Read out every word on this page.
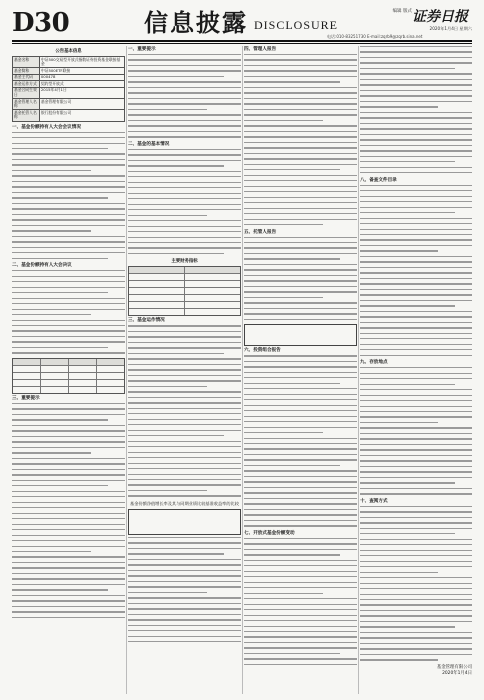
D30	信息披露 DISCLOSURE
编辑 版式 证券日报
2020年1月4日 星期六
电话:010-83251730 E-mail:zqrb9@zqrb.sina.net
公告基本信息
基金名称	中证500交易型开放式指数证券投资基金联接基金
基金简称	中证500ETF联接
基金主代码	000478
基金运作方式	契约型开放式
基金合同生效日	2015年4月1日
基金管理人名称	基金管理有限公司
基金托管人名称	银行股份有限公司
一、基金份额持有人大会会议情况
二、基金份额持有人大会决议
三、重要提示
一、重要提示
二、基金的基本情况
主要财务指标
三、基金运作情况
基金份额净值增长率及其与同期业绩比较基准收益率的比较
四、管理人报告
五、托管人报告
六、投资组合报告
七、开放式基金份额变动
八、备查文件目录
九、存放地点
十、查阅方式
基金管理有限公司
2020年1月4日
